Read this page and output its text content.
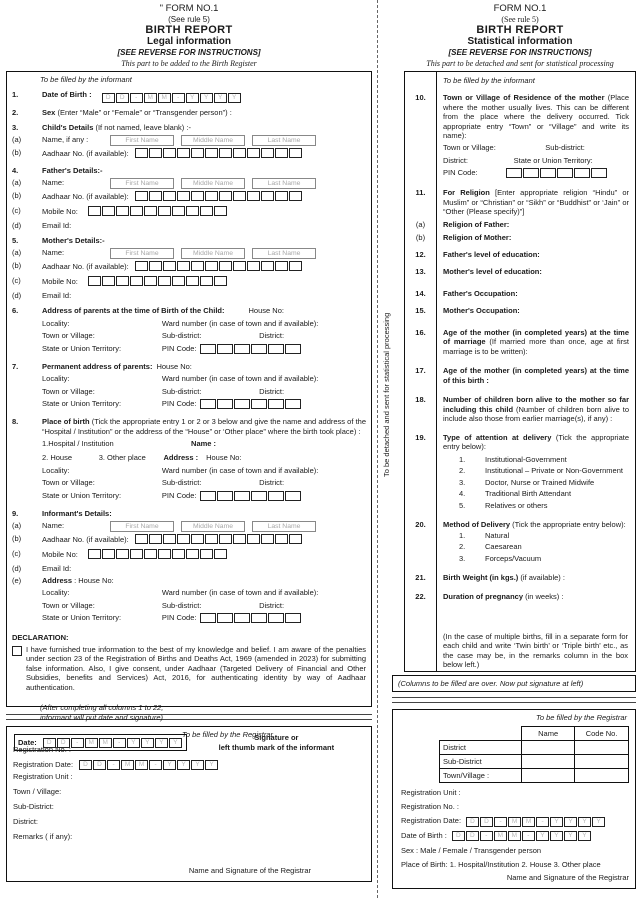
To be detached and sent for statistical processing
" FORM NO.1
(See rule 5)
BIRTH REPORT
Legal information
[SEE REVERSE FOR INSTRUCTIONS]
This part to be added to the Birth Register
To be filled by the informant
1.	Date of Birth : D D - M M - Y Y Y Y
2.	Sex (Enter “Male” or “Female” or “Transgender person”) :
3.	Child's Details (If not named, leave blank) :-
(a)	Name, if any :	First Name	Middle Name	Last Name
(b)	Aadhaar No. (if available):
4.	Father's Details:-
(a)	Name:	First Name	Middle Name	Last Name
(b)	Aadhaar No. (if available):
(c)	Mobile No:
(d)	Email Id:
5.	Mother's Details:-
(a)	Name:	First Name	Middle Name	Last Name
(b)	Aadhaar No. (if available):
(c)	Mobile No:
(d)	Email Id:
6.	Address of parents at the time of Birth of the Child:	House No:
Locality:	Ward number (in case of town and if available):
Town or Village:	Sub-district:	District:
State or Union Territory:	PIN Code:
7.	Permanent address of parents: House No:
Locality:	Ward number (in case of town and if available):
Town or Village:	Sub-district:	District:
State or Union Territory:	PIN Code:
8.	Place of birth (Tick the appropriate entry 1 or 2 or 3 below and give the name and address of the “Hospital / Institution” or the address of the “House” or ‘Other place” where the birth took place) :
1.Hospital / Institution	Name :
2. House	3. Other place	Address : House No:
Locality:	Ward number (in case of town and if available):
Town or Village:	Sub-district:	District:
State or Union Territory:	PIN Code:
9.	Informant's Details:
(a)	Name:	First Name	Middle Name	Last Name
(b)	Aadhaar No. (if available):
(c)	Mobile No:
(d)	Email Id:
(e)	Address : House No:
Locality:	Ward number (in case of town and if available):
Town or Village:	Sub-district:	District:
State or Union Territory:	PIN Code:
DECLARATION:
I have furnished true information to the best of my knowledge and belief. I am aware of the penalties under section 23 of the Registration of Births and Deaths Act, 1969 (amended in 2023) for submitting false information. Also, I give consent, under Aadhaar (Targeted Delivery of Financial and Other Subsidies, benefits and Services) Act, 2016, for authenticating identity by way of Aadhaar authentication.
(After completing all columns 1 to 22,
informant will put date and signature)
Date:	D D - M M - Y Y Y Y
Signature or
left thumb mark of the informant
To be filled by the Registrar
Registration No. :
Registration Date:	D D - M M - Y Y Y Y
Registration Unit :
Town / Village:
Sub-District:
District:
Remarks ( if any):
Name and Signature of the Registrar
FORM NO.1
(See rule 5)
BIRTH REPORT
Statistical information
[SEE REVERSE FOR INSTRUCTIONS]
This part to be detached and sent for statistical processing
To be filled by the informant
10.	Town or Village of Residence of the mother (Place where the mother usually lives. This can be different from the place where the delivery occurred. Tick appropriate entry “Town” or “Village” and write its name):
Town or Village:	Sub-district:
District:	State or Union Territory:
PIN Code:
11.	For Religion [Enter appropriate religion “Hindu” or Muslim” or “Christian” or “Sikh” or “Buddhist” or ‘Jain” or “Other (Please specify)”]
(a)	Religion of Father:
(b)	Religion of Mother:
12.	Father's level of education:
13.	Mother's level of education:
14.	Father's Occupation:
15.	Mother's Occupation:
16.	Age of the mother (in completed years) at the time of marriage (If married more than once, age at first marriage is to be written):
17.	Age of the mother (in completed years) at the time of this birth :
18.	Number of children born alive to the mother so far including this child (Number of children born alive to include also those from earlier marriage(s), if any) :
19.	Type of attention at delivery (Tick the appropriate entry below):
1.	Institutional-Government
2.	Institutional – Private or Non-Government
3.	Doctor, Nurse or Trained Midwife
4.	Traditional Birth Attendant
5.	Relatives or others
20.	Method of Delivery (Tick the appropriate entry below):
1.	Natural
2.	Caesarean
3.	Forceps/Vacuum
21.	Birth Weight (in kgs.) (if available) :
22.	Duration of pregnancy (in weeks) :
(In the case of multiple births, fill in a separate form for each child and write ‘Twin birth’ or ‘Triple birth’ etc., as the case may be, in the remarks column in the box below left.)
(Columns to be filled are over. Now put signature at left)
To be filled by the Registrar
	Name	Code No.
District		
Sub-District		
Town/Village :		
Registration Unit :
Registration No. :
Registration Date:	D D - M M - Y Y Y Y
Date of Birth :	D D - M M - Y Y Y Y
Sex : Male / Female / Transgender person
Place of Birth: 1. Hospital/Institution 2. House 3. Other place
Name and Signature of the Registrar
